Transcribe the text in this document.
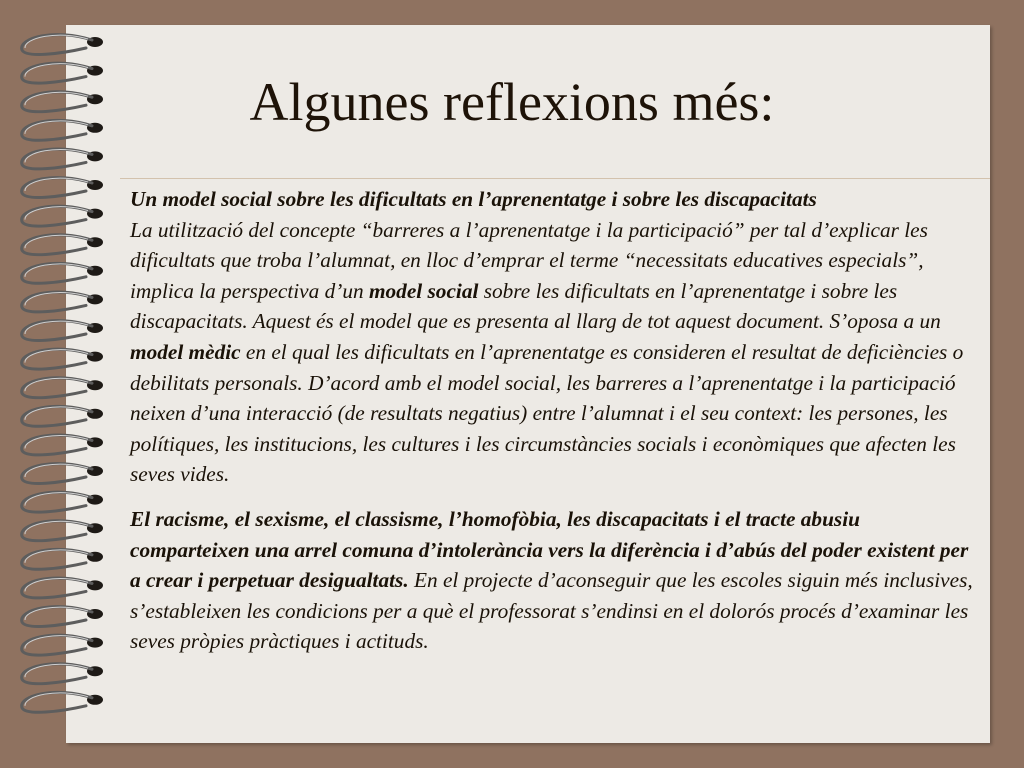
Algunes reflexions més:

Un model social sobre les dificultats en l’aprenentatge i sobre les discapacitats
La utilització del concepte “barreres a l’aprenentatge i la participació” per tal d’explicar les dificultats que troba l’alumnat, en lloc d’emprar el terme “necessitats educatives especials”, implica la perspectiva d’un model social sobre les dificultats en l’aprenentatge i sobre les discapacitats. Aquest és el model que es presenta al llarg de tot aquest document. S’oposa a un model mèdic en el qual les dificultats en l’aprenentatge es consideren el resultat de deficiències o debilitats personals. D’acord amb el model social, les barreres a l’aprenentatge i la participació neixen d’una interacció (de resultats negatius) entre l’alumnat i el seu context: les persones, les polítiques, les institucions, les cultures i les circumstàncies socials i econòmiques que afecten les seves vides.

El racisme, el sexisme, el classisme, l’homofòbia, les discapacitats i el tracte abusiu comparteixen una arrel comuna d’intolerància vers la diferència i d’abús del poder existent per a crear i perpetuar desigualtats. En el projecte d’aconseguir que les escoles siguin més inclusives, s’estableixen les condicions per a què el professorat s’endinsi en el dolorós procés d’examinar les seves pròpies pràctiques i actituds.
